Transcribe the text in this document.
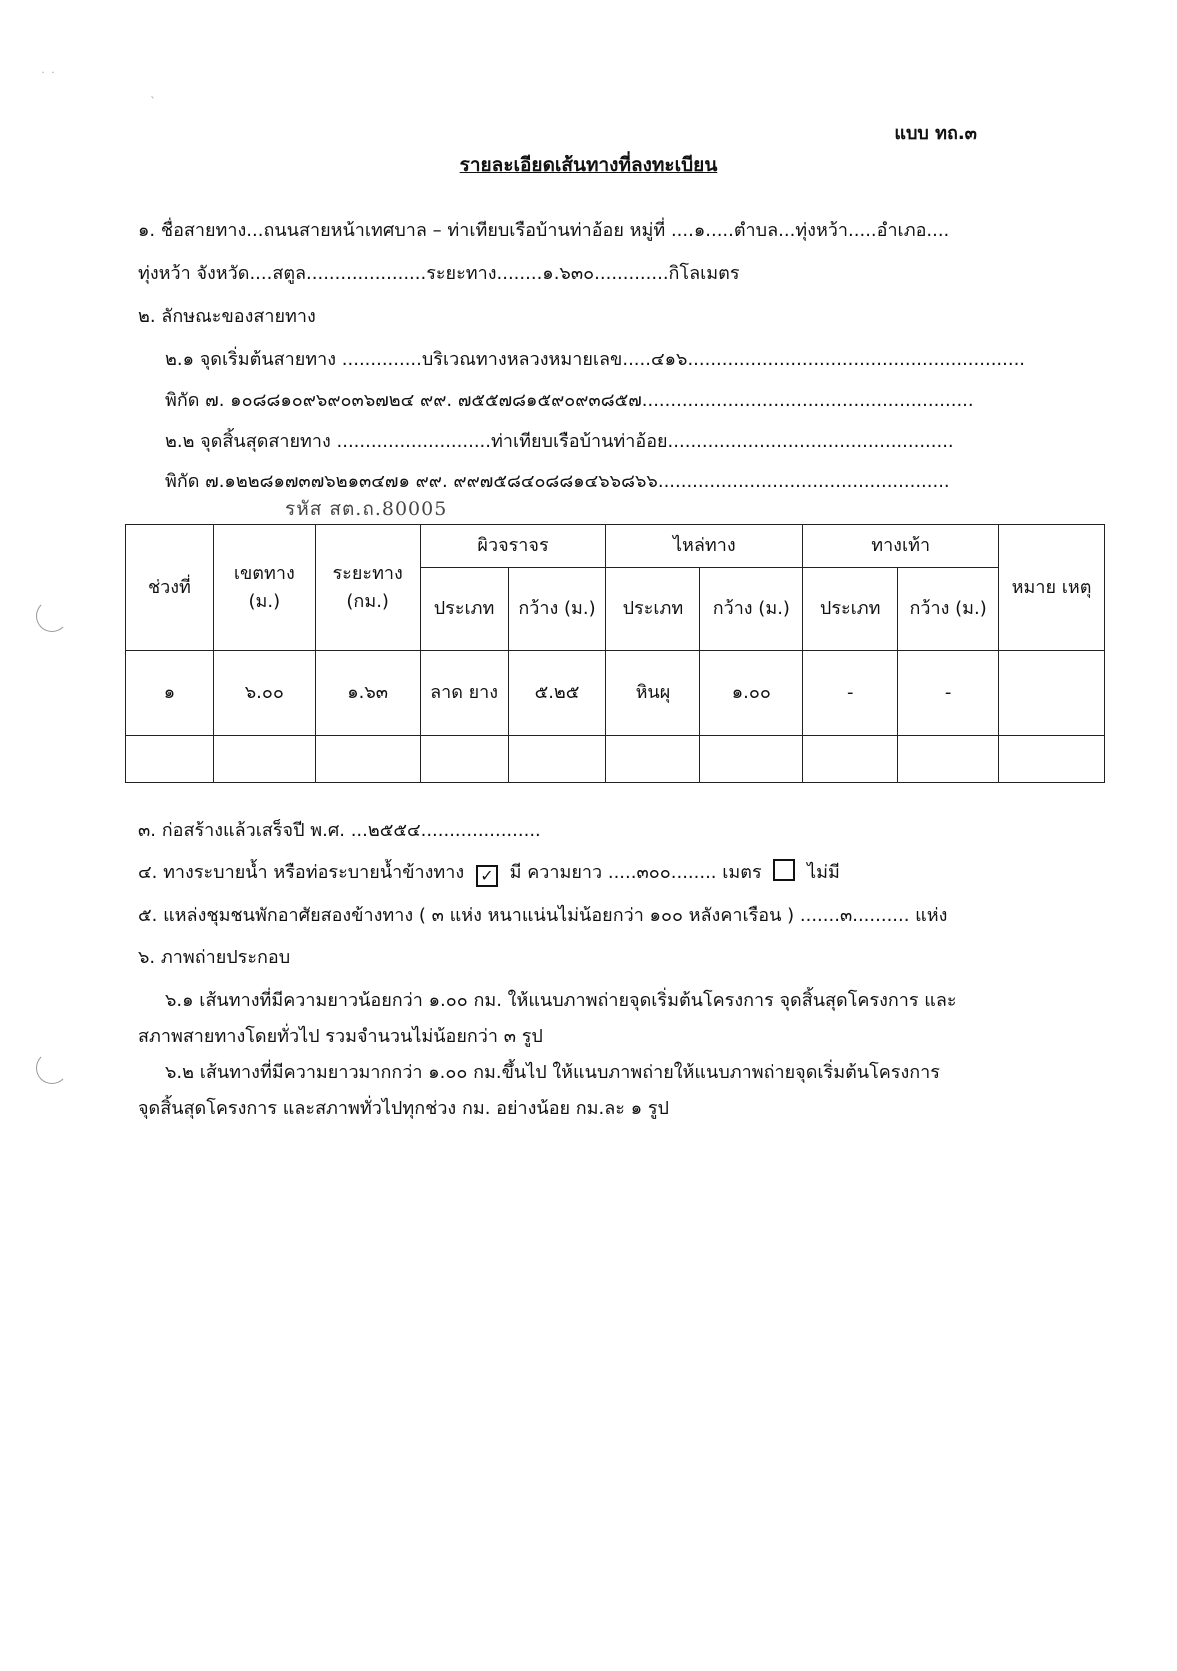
˙ ˙
ˋ
แบบ ทถ.๓
รายละเอียดเส้นทางที่ลงทะเบียน
๑. ชื่อสายทาง...ถนนสายหน้าเทศบาล – ท่าเทียบเรือบ้านท่าอ้อย หมู่ที่ ....๑.....ตำบล...ทุ่งหว้า.....อำเภอ....
ทุ่งหว้า จังหวัด....สตูล.....................ระยะทาง........๑.๖๓๐.............กิโลเมตร
๒. ลักษณะของสายทาง
๒.๑ จุดเริ่มต้นสายทาง ..............บริเวณทางหลวงหมายเลข.....๔๑๖...........................................................
พิกัด ๗. ๑๐๘๘๑๐๙๖๙๐๓๖๗๒๔ ๙๙. ๗๕๕๗๘๑๕๙๐๙๓๘๕๗..........................................................
๒.๒ จุดสิ้นสุดสายทาง ...........................ท่าเทียบเรือบ้านท่าอ้อย..................................................
พิกัด ๗.๑๒๒๘๑๗๓๗๖๒๑๓๔๗๑ ๙๙. ๙๙๗๕๘๔๐๘๘๑๔๖๖๘๖๖...................................................
รหัส สต.ถ.80005
ช่วงที่	เขตทาง (ม.)	ระยะทาง (กม.)	ผิวจราจร		ไหล่ทาง		ทางเท้า		หมาย เหตุ
			ประเภท	กว้าง (ม.)	ประเภท	กว้าง (ม.)	ประเภท	กว้าง (ม.)	
๑	๖.๐๐	๑.๖๓	ลาด ยาง	๕.๒๕	หินผุ	๑.๐๐	-	-	

๓. ก่อสร้างแล้วเสร็จปี พ.ศ. ...๒๕๕๔.....................
๔. ทางระบายน้ำ หรือท่อระบายน้ำข้างทาง ✓ มี ความยาว .....๓๐๐........ เมตร	ไม่มี
๕. แหล่งชุมชนพักอาศัยสองข้างทาง ( ๓ แห่ง หนาแน่นไม่น้อยกว่า ๑๐๐ หลังคาเรือน ) .......๓.......... แห่ง
๖. ภาพถ่ายประกอบ
๖.๑ เส้นทางที่มีความยาวน้อยกว่า ๑.๐๐ กม. ให้แนบภาพถ่ายจุดเริ่มต้นโครงการ จุดสิ้นสุดโครงการ และ
สภาพสายทางโดยทั่วไป รวมจำนวนไม่น้อยกว่า ๓ รูป
๖.๒ เส้นทางที่มีความยาวมากกว่า ๑.๐๐ กม.ขึ้นไป ให้แนบภาพถ่ายให้แนบภาพถ่ายจุดเริ่มต้นโครงการ
จุดสิ้นสุดโครงการ และสภาพทั่วไปทุกช่วง กม. อย่างน้อย กม.ละ ๑ รูป
